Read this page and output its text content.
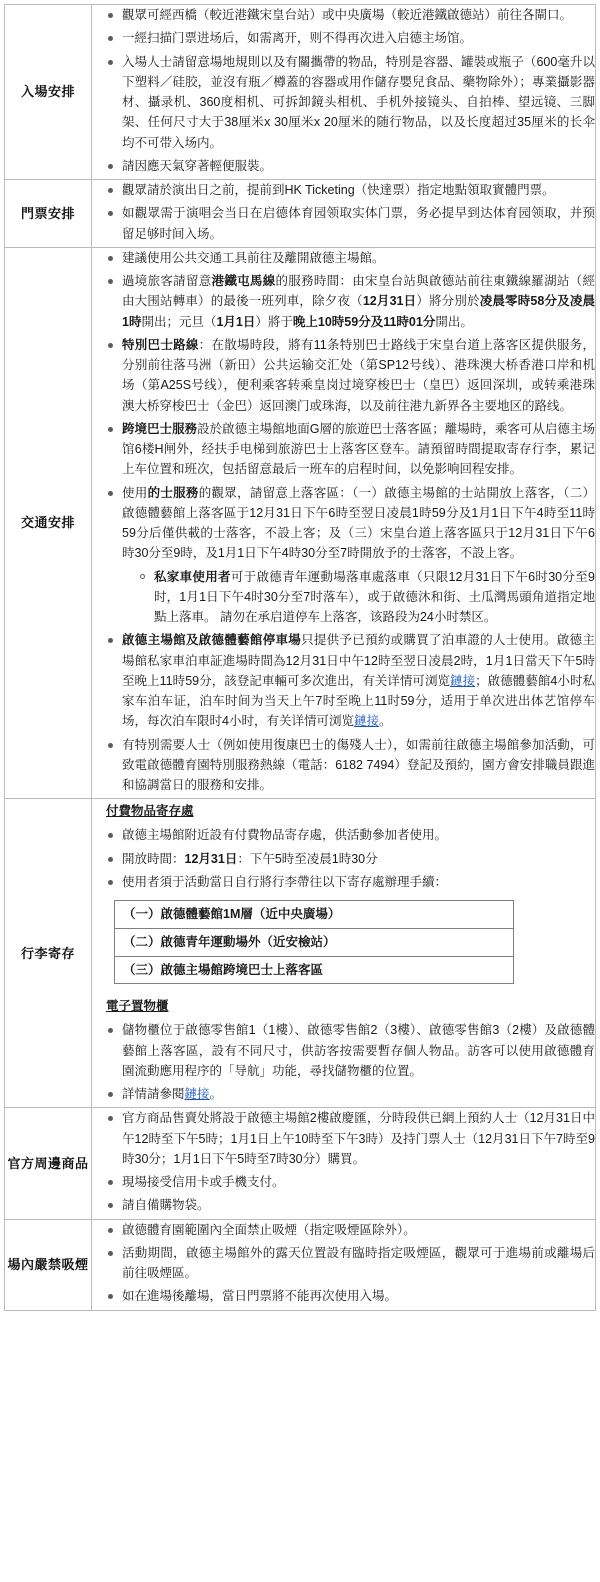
入場安排	
觀眾可經西橋（較近港鐵宋皇台站）或中央廣場（較近港鐵啟德站）前往各閘口。
一經扫描门票进场后，如需离开，则不得再次进入启德主场馆。
入場人士請留意場地規則以及有關攜帶的物品，特別是容器、罐裝或瓶子（600毫升以下塑料／硅胶，並沒有瓶／樽蓋的容器或用作儲存嬰兒食品、藥物除外）；專業攝影器材、攝录机、360度相机、可拆卸鏡头相机、手机外接镜头、自拍棒、望远镜、三脚架、任何尺寸大于38厘米x 30厘米x 20厘米的随行物品，以及长度超过35厘米的长伞均不可带入场内。
請因應天氣穿著輕便服裝。

門票安排	
觀眾請於演出日之前，提前到HK Ticketing（快達票）指定地點領取實體門票。
如觀眾需于演唱会当日在启德体育园领取实体门票，务必提早到达体育园领取，并预留足够时间入场。

交通安排	
建議使用公共交通工具前往及離開啟德主場館。
過境旅客請留意港鐵屯馬線的服務時間：由宋皇台站與啟德站前往東鐵線羅湖站（經由大围站轉車）的最後一班列車，除夕夜（12月31日）將分別於凌晨零時58分及凌晨1時開出；元旦（1月1日）將于晚上10時59分及11時01分開出。
特別巴士路線：在散場時段，將有11条特别巴士路线于宋皇台道上落客区提供服务，分别前往落马洲（新田）公共运输交汇处（第SP12号线）、港珠澳大桥香港口岸和机场（第A25S号线），便利乘客转乘皇岗过境穿梭巴士（皇巴）返回深圳，或转乘港珠澳大桥穿梭巴士（金巴）返回澳门或珠海，以及前往港九新界各主要地区的路线。
跨境巴士服務設於啟德主場館地面G層的旅遊巴士落客區；離場時，乘客可从启德主场馆6楼H闸外，经扶手电梯到旅游巴士上落客区登车。請預留時間提取寄存行李，累记上车位置和班次，包括留意最后一班车的启程时间，以免影响回程安排。
使用的士服務的觀眾，請留意上落客區：（一）啟德主場館的士站開放上落客，（二）啟德體藝館上落客區于12月31日下午6時至翌日凌晨1時59分及1月1日下午4時至11時59分后僅供載的士落客，不設上客；及（三）宋皇台道上落客區只于12月31日下午6時30分至9時，及1月1日下午4時30分至7時開放予的士落客，不設上客。
私家車使用者可于啟德青年運動場落車處落車（只限12月31日下午6时30分至9时，1月1日下午4时30分至7时落车），或于啟德沐和街、土瓜灣馬頭角道指定地點上落車。 請勿在承启道停车上落客，该路段为24小时禁区。
啟德主場館及啟德體藝館停車場只提供予已預約或購買了泊車證的人士使用。啟德主場館私家車泊車証進場時間為12月31日中午12時至翌日凌晨2時，1月1日當天下午5時至晚上11時59分，該登記車輛可多次進出，有关详情可浏览鏈接；啟德體藝館4小时私家车泊车证，泊车时间为当天上午7时至晚上11时59分，适用于单次进出体艺馆停车场，每次泊车限时4小时，有关详情可浏览鏈接。
有特別需要人士（例如使用復康巴士的傷殘人士），如需前往啟德主場館參加活動，可致電啟德體育園特別服務熱線（電話：6182 7494）登記及預約，園方會安排職員跟進和協調當日的服務和安排。

行李寄存	
付費物品寄存處
啟德主場館附近設有付費物品寄存處，供活動參加者使用。
開放時間：12月31日：下午5時至凌晨1時30分
使用者須于活動當日自行將行李帶往以下寄存處辦理手續：
（一）啟德體藝館1M層（近中央廣場）
（二）啟德青年運動場外（近安檢站）
（三）啟德主場館跨境巴士上落客區
電子置物櫃
儲物櫃位于啟德零售館1（1樓）、啟德零售館2（3樓）、啟德零售館3（2樓）及啟德體藝館上落客區，設有不同尺寸，供訪客按需要暫存個人物品。訪客可以使用啟德體育園流動應用程序的「导航」功能，尋找儲物櫃的位置。
詳情請參閱鏈接。

官方周邊商品	
官方商品售賣处將設于啟德主場館2樓啟慶匯，分時段供已網上預約人士（12月31日中午12時至下午5時；1月1日上午10時至下午3時）及持门票人士（12月31日下午7時至9時30分；1月1日下午5時至7時30分）購買。
現場接受信用卡或手機支付。
請自備購物袋。

場內嚴禁吸煙	
啟德體育園範圍內全面禁止吸煙（指定吸煙區除外）。
活動期間，啟德主場館外的露天位置設有臨時指定吸煙區，觀眾可于進場前或離場后前往吸煙區。
如在進場後離場，當日門票將不能再次使用入場。
